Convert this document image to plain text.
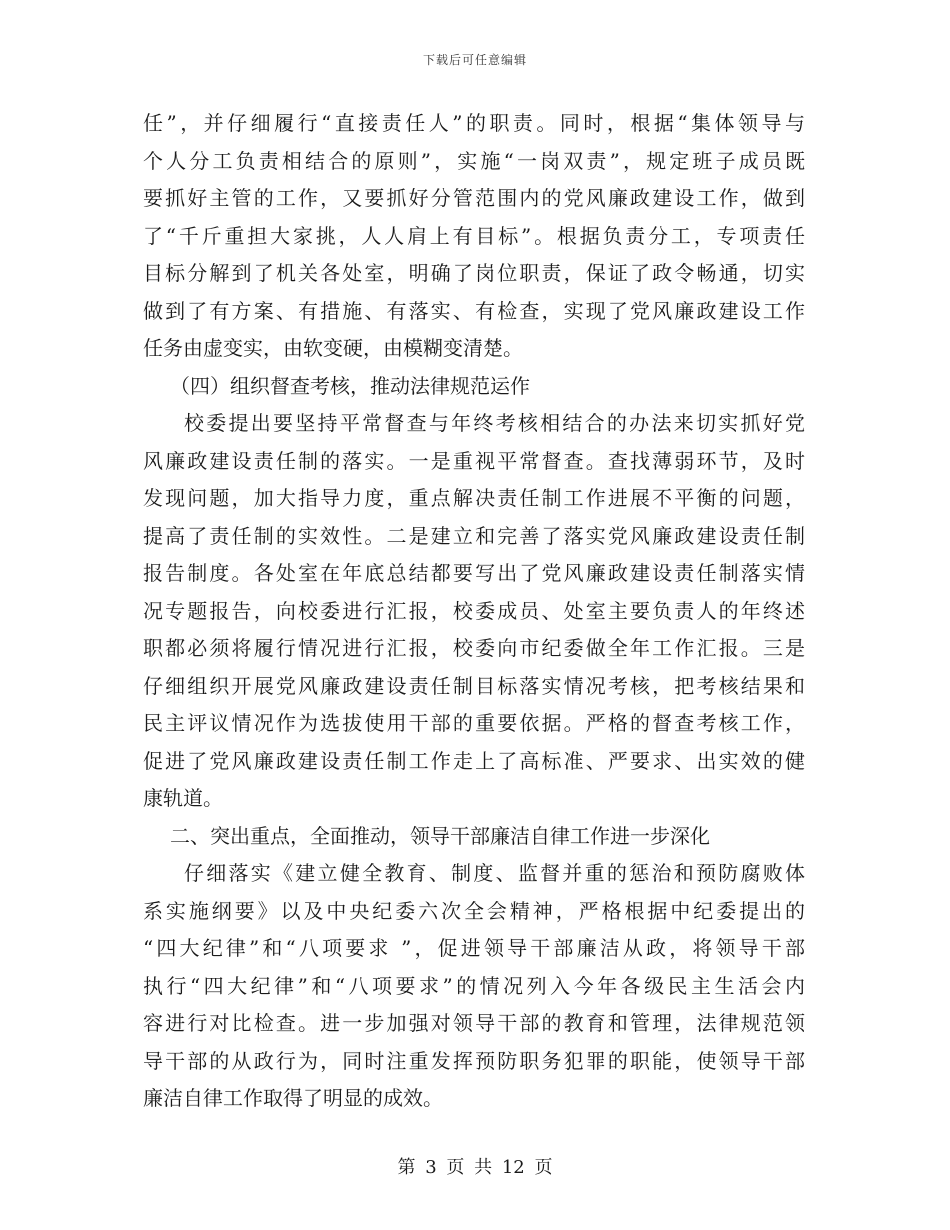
下载后可任意编辑
任”，并仔细履行“直接责任人”的职责。同时，根据“集体领导与
个人分工负责相结合的原则”，实施“一岗双责”，规定班子成员既
要抓好主管的工作，又要抓好分管范围内的党风廉政建设工作，做到
了“千斤重担大家挑，人人肩上有目标”。根据负责分工，专项责任
目标分解到了机关各处室，明确了岗位职责，保证了政令畅通，切实
做到了有方案、有措施、有落实、有检查，实现了党风廉政建设工作
任务由虚变实，由软变硬，由模糊变清楚。
（四）组织督查考核，推动法律规范运作
校委提出要坚持平常督查与年终考核相结合的办法来切实抓好党
风廉政建设责任制的落实。一是重视平常督查。查找薄弱环节，及时
发现问题，加大指导力度，重点解决责任制工作进展不平衡的问题，
提高了责任制的实效性。二是建立和完善了落实党风廉政建设责任制
报告制度。各处室在年底总结都要写出了党风廉政建设责任制落实情
况专题报告，向校委进行汇报，校委成员、处室主要负责人的年终述
职都必须将履行情况进行汇报，校委向市纪委做全年工作汇报。三是
仔细组织开展党风廉政建设责任制目标落实情况考核，把考核结果和
民主评议情况作为选拔使用干部的重要依据。严格的督查考核工作，
促进了党风廉政建设责任制工作走上了高标准、严要求、出实效的健
康轨道。
二、突出重点，全面推动，领导干部廉洁自律工作进一步深化
仔细落实《建立健全教育、制度、监督并重的惩治和预防腐败体
系实施纲要》以及中央纪委六次全会精神，严格根据中纪委提出的
“四大纪律”和“八项要求 ”，促进领导干部廉洁从政，将领导干部
执行“四大纪律”和“八项要求”的情况列入今年各级民主生活会内
容进行对比检查。进一步加强对领导干部的教育和管理，法律规范领
导干部的从政行为，同时注重发挥预防职务犯罪的职能，使领导干部
廉洁自律工作取得了明显的成效。
第 3 页 共 12 页
